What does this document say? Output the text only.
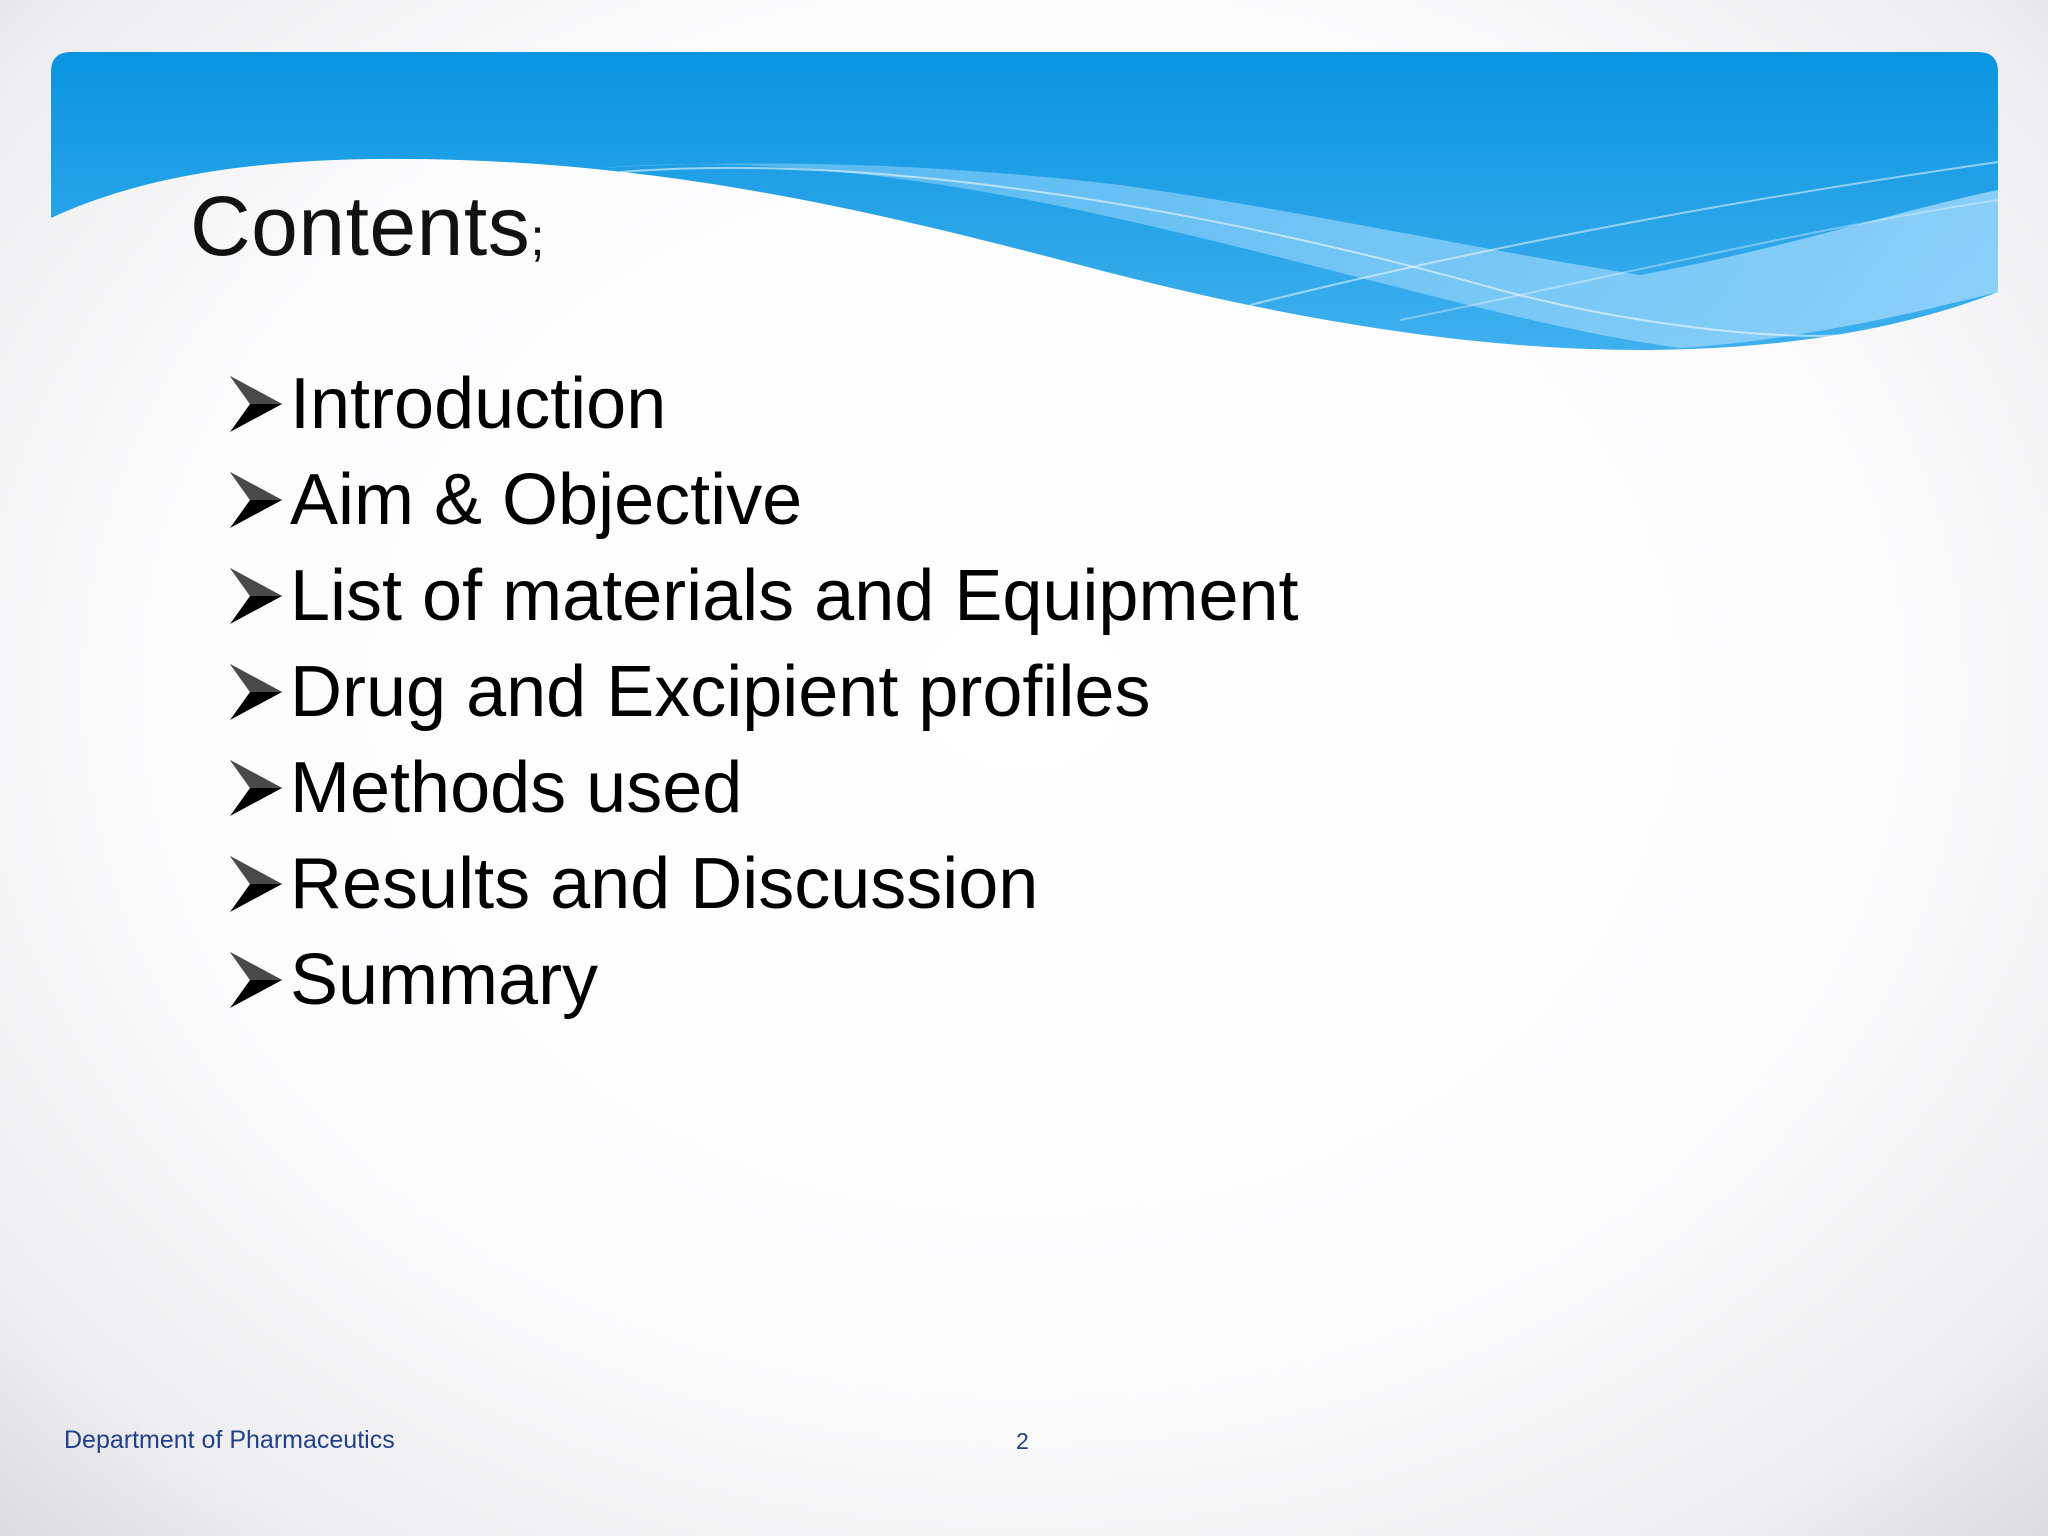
Contents;
Introduction
Aim & Objective
List of materials and Equipment
Drug and Excipient profiles
Methods used
Results and Discussion
Summary
Department of Pharmaceutics	2
